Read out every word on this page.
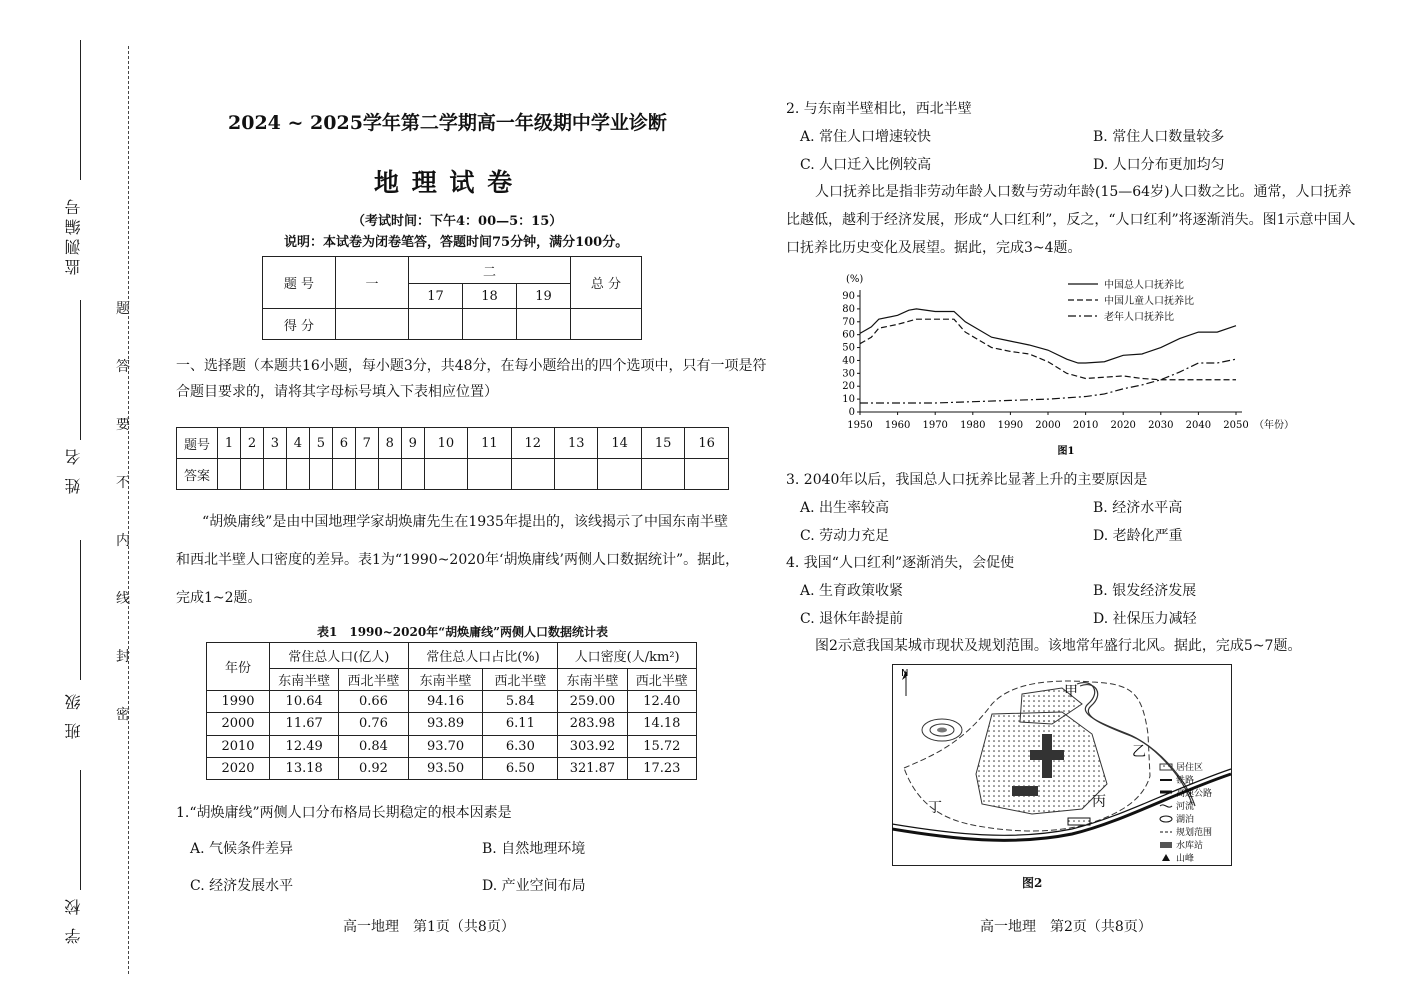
监测编号
姓 名
班 级
学 校
题
答
要
不
内
线
封
密
2024 ~ 2025学年第二学期高一年级期中学业诊断
地 理 试 卷
（考试时间：下午4：00—5：15）
说明：本试卷为闭卷笔答，答题时间75分钟，满分100分。
题 号	一	二			总 分
		17	18	19	
得 分					
一、选择题（本题共16小题，每小题3分，共48分，在每小题给出的四个选项中，只有一项是符
合题目要求的，请将其字母标号填入下表相应位置）
题号	1	2	3	4	5	6	7	8	9	10	11	12	13	14	15	16
答案																
“胡焕庸线”是由中国地理学家胡焕庸先生在1935年提出的，该线揭示了中国东南半壁
和西北半壁人口密度的差异。表1为“1990~2020年‘胡焕庸线’两侧人口数据统计”。据此，
完成1~2题。
表1　1990~2020年“胡焕庸线”两侧人口数据统计表
年份	常住总人口(亿人)		常住总人口占比(%)		人口密度(人/km²)	
	东南半壁	西北半壁	东南半壁	西北半壁	东南半壁	西北半壁
1990	10.64	0.66	94.16	5.84	259.00	12.40
2000	11.67	0.76	93.89	6.11	283.98	14.18
2010	12.49	0.84	93.70	6.30	303.92	15.72
2020	13.18	0.92	93.50	6.50	321.87	17.23
1.“胡焕庸线”两侧人口分布格局长期稳定的根本因素是
A. 气候条件差异	B. 自然地理环境
C. 经济发展水平	D. 产业空间布局
高一地理　第1页（共8页）
2. 与东南半壁相比，西北半壁
A. 常住人口增速较快	B. 常住人口数量较多
C. 人口迁入比例较高	D. 人口分布更加均匀
人口抚养比是指非劳动年龄人口数与劳动年龄(15—64岁)人口数之比。通常，人口抚养
比越低，越利于经济发展，形成“人口红利”，反之，“人口红利”将逐渐消失。图1示意中国人
口抚养比历史变化及展望。据此，完成3~4题。
0
10
20
30
40
50
60
70
80
90
1950 1960 1970 1980 1990 2000 2010 2020 2030 2040 2050
(%)
（年份）
图1
中国总人口抚养比
中国儿童人口抚养比
老年人口抚养比
3. 2040年以后，我国总人口抚养比显著上升的主要原因是
A. 出生率较高	B. 经济水平高
C. 劳动力充足	D. 老龄化严重
4. 我国“人口红利”逐渐消失，会促使
A. 生育政策收紧	B. 银发经济发展
C. 退休年龄提前	D. 社保压力减轻
图2示意我国某城市现状及规划范围。该地常年盛行北风。据此，完成5~7题。
N
甲
乙
丙
丁
居住区
铁路
高速公路
河流
湖泊
规划范围
水库站
山峰
图2
高一地理　第2页（共8页）
